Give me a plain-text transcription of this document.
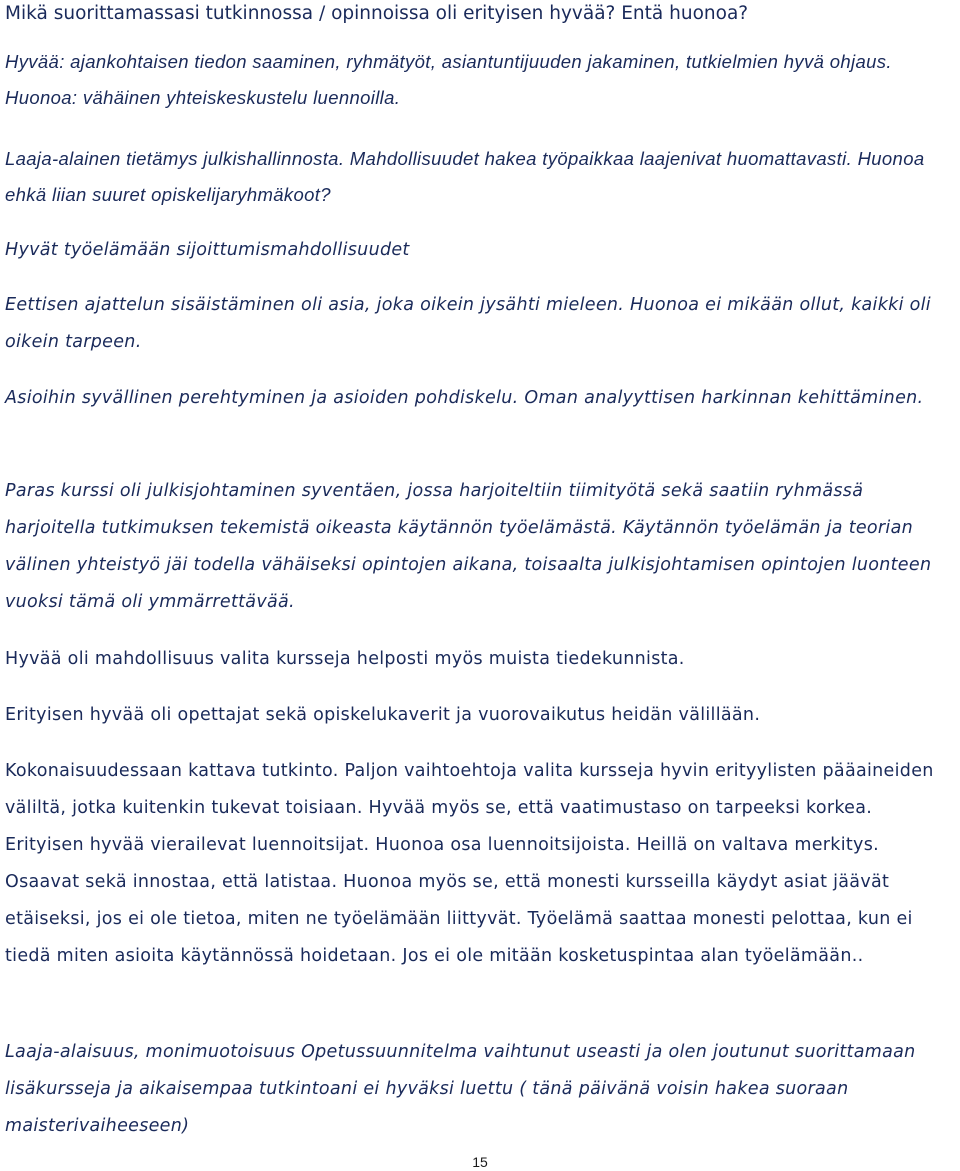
Mikä suorittamassasi tutkinnossa / opinnoissa oli erityisen hyvää? Entä huonoa?

Hyvää: ajankohtaisen tiedon saaminen, ryhmätyöt, asiantuntijuuden jakaminen, tutkielmien hyvä ohjaus. Huonoa: vähäinen yhteiskeskustelu luennoilla.

Laaja-alainen tietämys julkishallinnosta. Mahdollisuudet hakea työpaikkaa laajenivat huomattavasti. Huonoa ehkä liian suuret opiskelijaryhmäkoot?

Hyvät työelämään sijoittumismahdollisuudet

Eettisen ajattelun sisäistäminen oli asia, joka oikein jysähti mieleen. Huonoa ei mikään ollut, kaikki oli oikein tarpeen.

Asioihin syvällinen perehtyminen ja asioiden pohdiskelu. Oman analyyttisen harkinnan kehittäminen.

Paras kurssi oli julkisjohtaminen syventäen, jossa harjoiteltiin tiimityötä sekä saatiin ryhmässä harjoitella tutkimuksen tekemistä oikeasta käytännön työelämästä. Käytännön työelämän ja teorian välinen yhteistyö jäi todella vähäiseksi opintojen aikana, toisaalta julkisjohtamisen opintojen luonteen vuoksi tämä oli ymmärrettävää.

Hyvää oli mahdollisuus valita kursseja helposti myös muista tiedekunnista.

Erityisen hyvää oli opettajat sekä opiskelukaverit ja vuorovaikutus heidän välillään.

Kokonaisuudessaan kattava tutkinto. Paljon vaihtoehtoja valita kursseja hyvin erityylisten pääaineiden väliltä, jotka kuitenkin tukevat toisiaan. Hyvää myös se, että vaatimustaso on tarpeeksi korkea. Erityisen hyvää vierailevat luennoitsijat. Huonoa osa luennoitsijoista. Heillä on valtava merkitys. Osaavat sekä innostaa, että latistaa. Huonoa myös se, että monesti kursseilla käydyt asiat jäävät etäiseksi, jos ei ole tietoa, miten ne työelämään liittyvät. Työelämä saattaa monesti pelottaa, kun ei tiedä miten asioita käytännössä hoidetaan. Jos ei ole mitään kosketuspintaa alan työelämään..

Laaja-alaisuus, monimuotoisuus Opetussuunnitelma vaihtunut useasti ja olen joutunut suorittamaan lisäkursseja ja aikaisempaa tutkintoani ei hyväksi luettu ( tänä päivänä voisin hakea suoraan maisterivaiheeseen)

15
